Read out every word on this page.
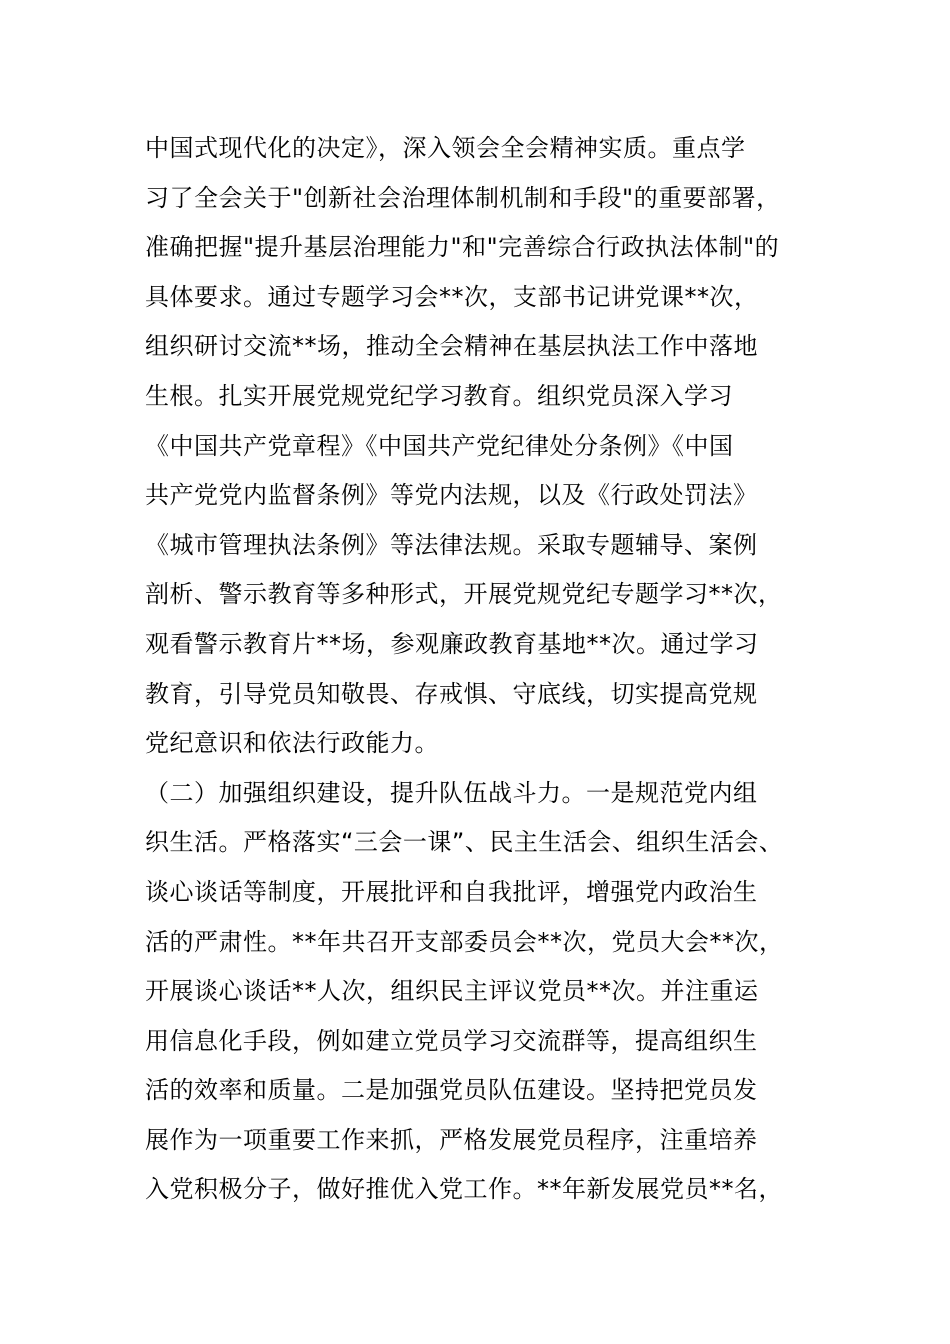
中国式现代化的决定》，深入领会全会精神实质。重点学
习了全会关于"创新社会治理体制机制和手段"的重要部署，
准确把握"提升基层治理能力"和"完善综合行政执法体制"的
具体要求。通过专题学习会**次，支部书记讲党课**次，
组织研讨交流**场，推动全会精神在基层执法工作中落地
生根。扎实开展党规党纪学习教育。组织党员深入学习
《中国共产党章程》《中国共产党纪律处分条例》《中国
共产党党内监督条例》等党内法规，以及《行政处罚法》
《城市管理执法条例》等法律法规。采取专题辅导、案例
剖析、警示教育等多种形式，开展党规党纪专题学习**次，
观看警示教育片**场，参观廉政教育基地**次。通过学习
教育，引导党员知敬畏、存戒惧、守底线，切实提高党规
党纪意识和依法行政能力。
（二）加强组织建设，提升队伍战斗力。一是规范党内组
织生活。严格落实“三会一课”、民主生活会、组织生活会、
谈心谈话等制度，开展批评和自我批评，增强党内政治生
活的严肃性。**年共召开支部委员会**次，党员大会**次，
开展谈心谈话**人次，组织民主评议党员**次。并注重运
用信息化手段，例如建立党员学习交流群等，提高组织生
活的效率和质量。二是加强党员队伍建设。坚持把党员发
展作为一项重要工作来抓，严格发展党员程序，注重培养
入党积极分子，做好推优入党工作。**年新发展党员**名，
